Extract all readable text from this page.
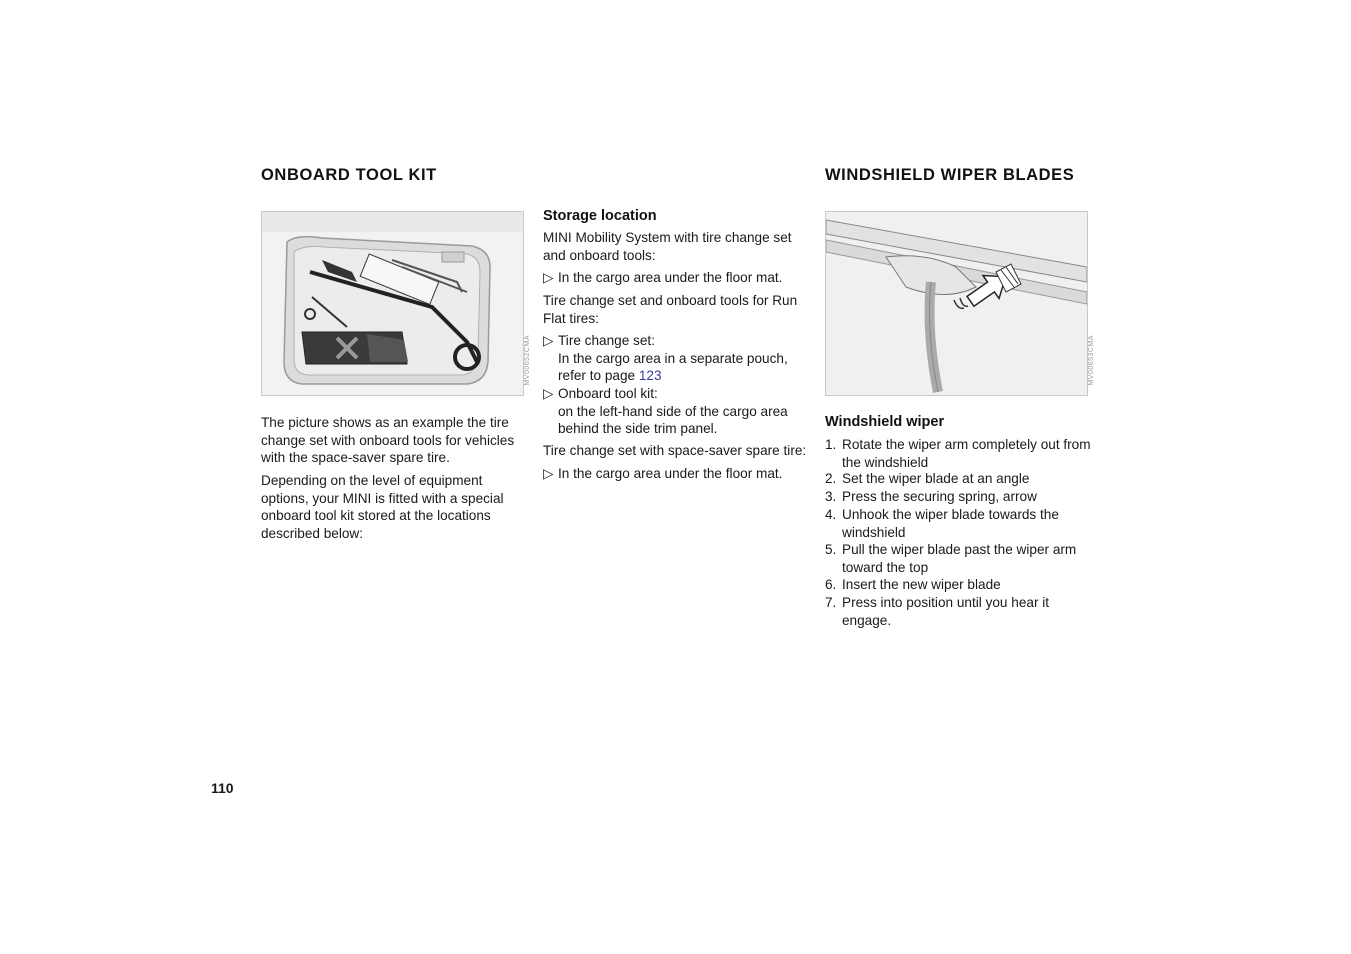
ONBOARD TOOL KIT
MV00652CMA
The picture shows as an example the tire change set with onboard tools for vehicles with the space-saver spare tire.
Depending on the level of equipment options, your MINI is fitted with a special onboard tool kit stored at the locations described below:
Storage location
MINI Mobility System with tire change set and onboard tools:
▷ In the cargo area under the floor mat.
Tire change set and onboard tools for Run Flat tires:
▷ Tire change set:
In the cargo area in a separate pouch, refer to page 123
▷ Onboard tool kit:
on the left-hand side of the cargo area behind the side trim panel.
Tire change set with space-saver spare tire:
▷ In the cargo area under the floor mat.
WINDSHIELD WIPER BLADES
MV00653CMA
Windshield wiper
1. Rotate the wiper arm completely out from the windshield
2. Set the wiper blade at an angle
3. Press the securing spring, arrow
4. Unhook the wiper blade towards the windshield
5. Pull the wiper blade past the wiper arm toward the top
6. Insert the new wiper blade
7. Press into position until you hear it engage.
110
